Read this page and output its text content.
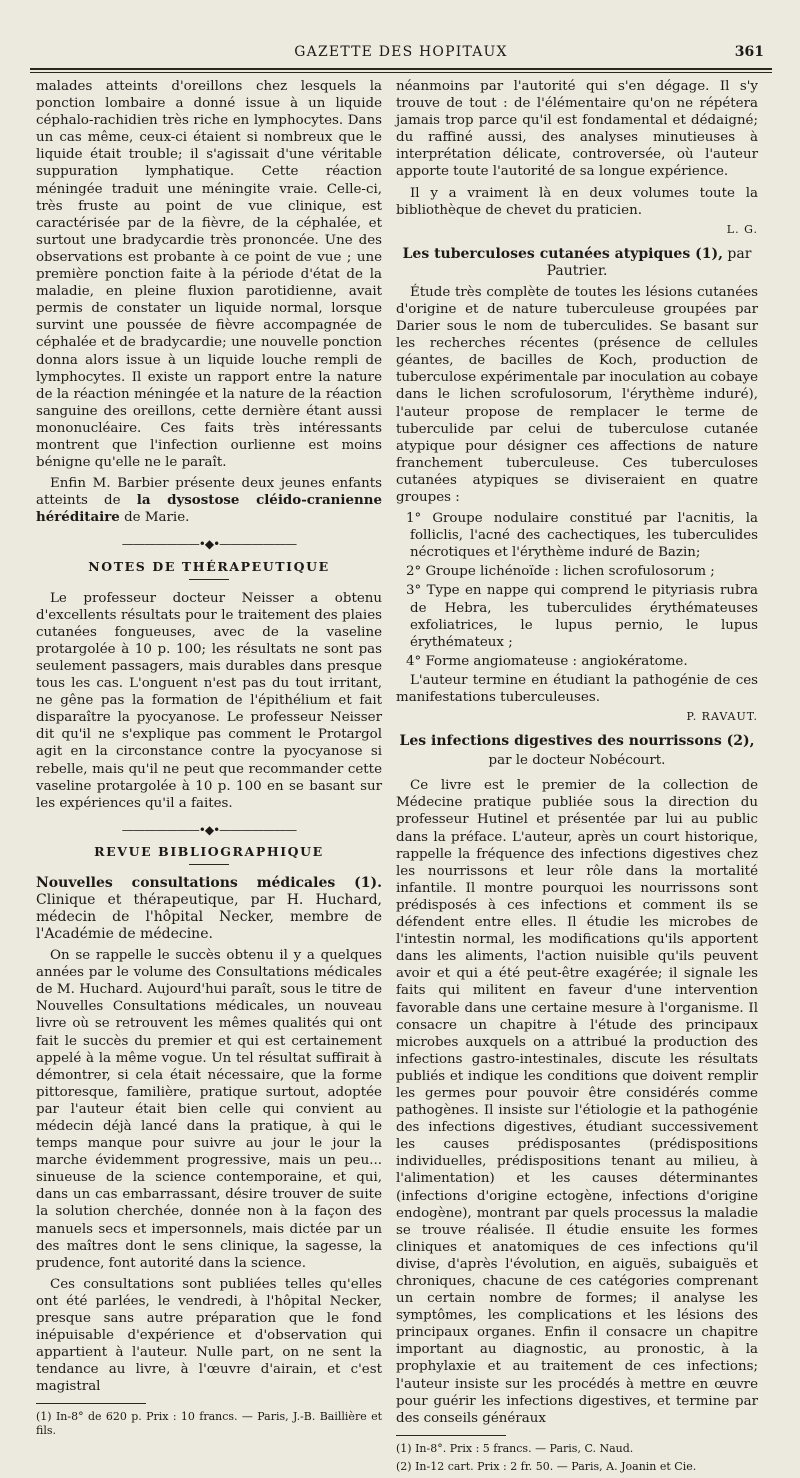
GAZETTE DES HOPITAUX	361

malades atteints d'oreillons chez lesquels la ponction lombaire a donné issue à un liquide céphalo-rachidien très riche en lymphocytes. Dans un cas même, ceux-ci étaient si nombreux que le liquide était trouble; il s'agissait d'une véritable suppuration lymphatique. Cette réaction méningée traduit une méningite vraie. Celle-ci, très fruste au point de vue clinique, est caractérisée par de la fièvre, de la céphalée, et surtout une bradycardie très prononcée. Une des observations est probante à ce point de vue ; une première ponction faite à la période d'état de la maladie, en pleine fluxion parotidienne, avait permis de constater un liquide normal, lorsque survint une poussée de fièvre accompagnée de céphalée et de bradycardie; une nouvelle ponction donna alors issue à un liquide louche rempli de lymphocytes. Il existe un rapport entre la nature de la réaction méningée et la nature de la réaction sanguine des oreillons, cette dernière étant aussi mononucléaire. Ces faits très intéressants montrent que l'infection ourlienne est moins bénigne qu'elle ne le paraît.

Enfin M. Barbier présente deux jeunes enfants atteints de la dysostose cléido-cranienne héréditaire de Marie.

———————•◆•———————
NOTES DE THÉRAPEUTIQUE

Le professeur docteur Neisser a obtenu d'excellents résultats pour le traitement des plaies cutanées fongueuses, avec de la vaseline protargolée à 10 p. 100; les résultats ne sont pas seulement passagers, mais durables dans presque tous les cas. L'onguent n'est pas du tout irritant, ne gêne pas la formation de l'épithélium et fait disparaître la pyocyanose. Le professeur Neisser dit qu'il ne s'explique pas comment le Protargol agit en la circonstance contre la pyocyanose si rebelle, mais qu'il ne peut que recommander cette vaseline protargolée à 10 p. 100 en se basant sur les expériences qu'il a faites.

———————•◆•———————
REVUE BIBLIOGRAPHIQUE
Nouvelles consultations médicales (1). Clinique et thérapeutique, par H. Huchard, médecin de l'hôpital Necker, membre de l'Académie de médecine.

On se rappelle le succès obtenu il y a quelques années par le volume des Consultations médicales de M. Huchard. Aujourd'hui paraît, sous le titre de Nouvelles Consultations médicales, un nouveau livre où se retrouvent les mêmes qualités qui ont fait le succès du premier et qui est certainement appelé à la même vogue. Un tel résultat suffirait à démontrer, si cela était nécessaire, que la forme pittoresque, familière, pratique surtout, adoptée par l'auteur était bien celle qui convient au médecin déjà lancé dans la pratique, à qui le temps manque pour suivre au jour le jour la marche évidemment progressive, mais un peu... sinueuse de la science contemporaine, et qui, dans un cas embarrassant, désire trouver de suite la solution cherchée, donnée non à la façon des manuels secs et impersonnels, mais dictée par un des maîtres dont le sens clinique, la sagesse, la prudence, font autorité dans la science.

Ces consultations sont publiées telles qu'elles ont été parlées, le vendredi, à l'hôpital Necker, presque sans autre préparation que le fond inépuisable d'expérience et d'observation qui appartient à l'auteur. Nulle part, on ne sent la tendance au livre, à l'œuvre d'airain, et c'est magistral

(1) In-8° de 620 p. Prix : 10 francs. — Paris, J.-B. Baillière et fils.

néanmoins par l'autorité qui s'en dégage. Il s'y trouve de tout : de l'élémentaire qu'on ne répétera jamais trop parce qu'il est fondamental et dédaigné; du raffiné aussi, des analyses minutieuses à interprétation délicate, controversée, où l'auteur apporte toute l'autorité de sa longue expérience.

Il y a vraiment là en deux volumes toute la bibliothèque de chevet du praticien.

L. G.
Les tuberculoses cutanées atypiques (1), par Pautrier.

Étude très complète de toutes les lésions cutanées d'origine et de nature tuberculeuse groupées par Darier sous le nom de tuberculides. Se basant sur les recherches récentes (présence de cellules géantes, de bacilles de Koch, production de tuberculose expérimentale par inoculation au cobaye dans le lichen scrofulosorum, l'érythème induré), l'auteur propose de remplacer le terme de tuberculide par celui de tuberculose cutanée atypique pour désigner ces affections de nature franchement tuberculeuse. Ces tuberculoses cutanées atypiques se diviseraient en quatre groupes :

1° Groupe nodulaire constitué par l'acnitis, la folliclis, l'acné des cachectiques, les tuberculides nécrotiques et l'érythème induré de Bazin;

2° Groupe lichénoïde : lichen scrofulosorum ;

3° Type en nappe qui comprend le pityriasis rubra de Hebra, les tuberculides érythémateuses exfoliatrices, le lupus pernio, le lupus érythémateux ;

4° Forme angiomateuse : angiokératome.

L'auteur termine en étudiant la pathogénie de ces manifestations tuberculeuses.

P. RAVAUT.
Les infections digestives des nourrissons (2),
par le docteur Nobécourt.

Ce livre est le premier de la collection de Médecine pratique publiée sous la direction du professeur Hutinel et présentée par lui au public dans la préface. L'auteur, après un court historique, rappelle la fréquence des infections digestives chez les nourrissons et leur rôle dans la mortalité infantile. Il montre pourquoi les nourrissons sont prédisposés à ces infections et comment ils se défendent entre elles. Il étudie les microbes de l'intestin normal, les modifications qu'ils apportent dans les aliments, l'action nuisible qu'ils peuvent avoir et qui a été peut-être exagérée; il signale les faits qui militent en faveur d'une intervention favorable dans une certaine mesure à l'organisme. Il consacre un chapitre à l'étude des principaux microbes auxquels on a attribué la production des infections gastro-intestinales, discute les résultats publiés et indique les conditions que doivent remplir les germes pour pouvoir être considérés comme pathogènes. Il insiste sur l'étiologie et la pathogénie des infections digestives, étudiant successivement les causes prédisposantes (prédispositions individuelles, prédispositions tenant au milieu, à l'alimentation) et les causes déterminantes (infections d'origine ectogène, infections d'origine endogène), montrant par quels processus la maladie se trouve réalisée. Il étudie ensuite les formes cliniques et anatomiques de ces infections qu'il divise, d'après l'évolution, en aiguës, subaiguës et chroniques, chacune de ces catégories comprenant un certain nombre de formes; il analyse les symptômes, les complications et les lésions des principaux organes. Enfin il consacre un chapitre important au diagnostic, au pronostic, à la prophylaxie et au traitement de ces infections; l'auteur insiste sur les procédés à mettre en œuvre pour guérir les infections digestives, et termine par des conseils généraux

(1) In-8°. Prix : 5 francs. — Paris, C. Naud.

(2) In-12 cart. Prix : 2 fr. 50. — Paris, A. Joanin et Cie.
